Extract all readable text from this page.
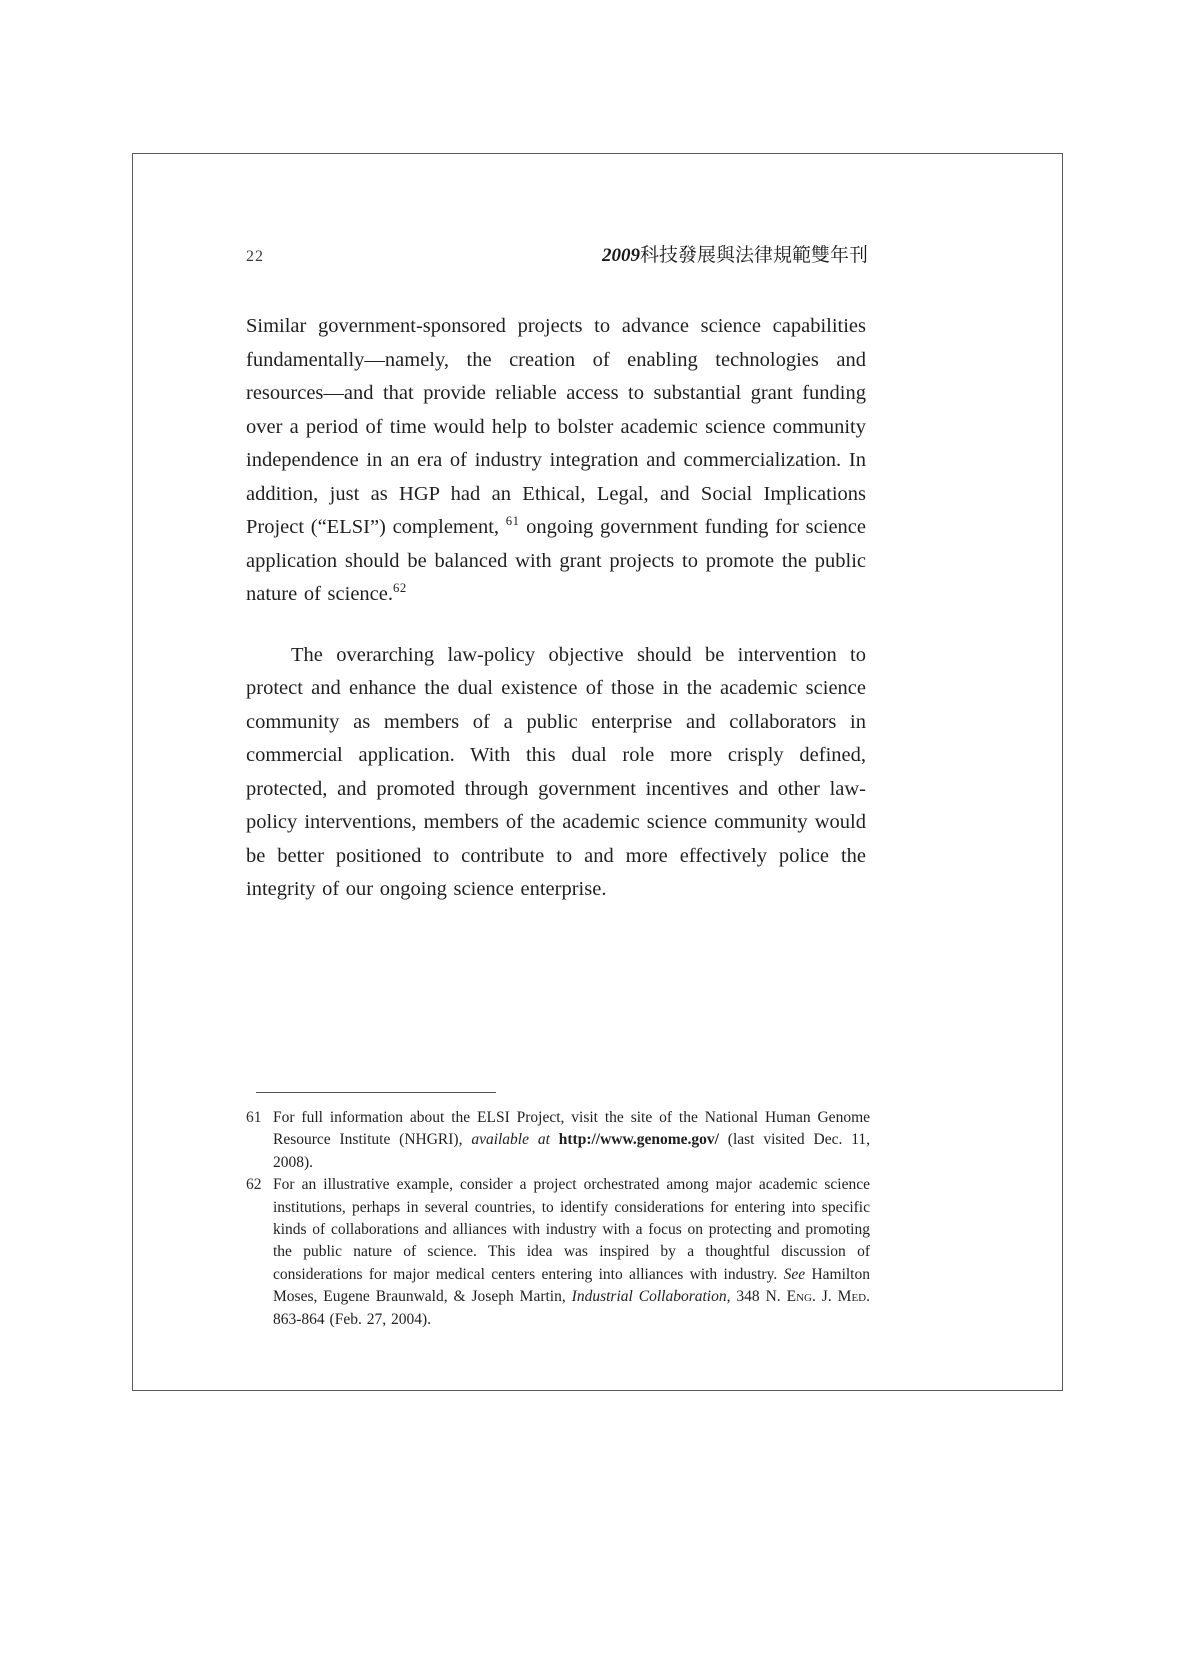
22	2009科技發展與法律規範雙年刊

Similar government-sponsored projects to advance science capabilities fundamentally—namely, the creation of enabling technologies and resources—and that provide reliable access to substantial grant funding over a period of time would help to bolster academic science community independence in an era of industry integration and commercialization. In addition, just as HGP had an Ethical, Legal, and Social Implications Project (“ELSI”) complement, $^{61}$ ongoing government funding for science application should be balanced with grant projects to promote the public nature of science.$^{62}$

The overarching law-policy objective should be intervention to protect and enhance the dual existence of those in the academic science community as members of a public enterprise and collaborators in commercial application. With this dual role more crisply defined, protected, and promoted through government incentives and other law-policy interventions, members of the academic science community would be better positioned to contribute to and more effectively police the integrity of our ongoing science enterprise.

61 For full information about the ELSI Project, visit the site of the National Human Genome Resource Institute (NHGRI), available at http://www.genome.gov/ (last visited Dec. 11, 2008).
62 For an illustrative example, consider a project orchestrated among major academic science institutions, perhaps in several countries, to identify considerations for entering into specific kinds of collaborations and alliances with industry with a focus on protecting and promoting the public nature of science. This idea was inspired by a thoughtful discussion of considerations for major medical centers entering into alliances with industry. See Hamilton Moses, Eugene Braunwald, & Joseph Martin, Industrial Collaboration, 348 N. Eng. J. Med. 863-864 (Feb. 27, 2004).
